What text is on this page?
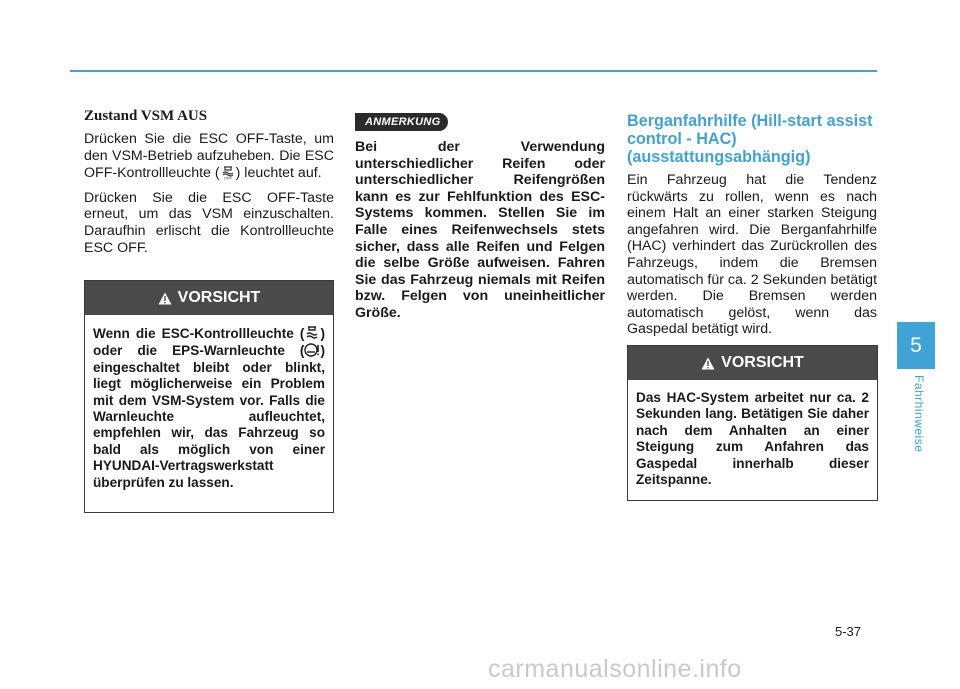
Zustand VSM AUS

Drücken Sie die ESC OFF-Taste, um den VSM-Betrieb aufzuheben. Die ESC OFF-Kontrollleuchte ( OFF ) leuchtet auf.

Drücken Sie die ESC OFF-Taste erneut, um das VSM einzuschalten. Daraufhin erlischt die Kontrollleuchte ESC OFF.

VORSICHT
Wenn die ESC-Kontrollleuchte ( ) oder die EPS-Warnleuchte ( ) eingeschaltet bleibt oder blinkt, liegt möglicherweise ein Problem mit dem VSM-System vor. Falls die Warnleuchte aufleuchtet, empfehlen wir, das Fahrzeug so bald als möglich von einer HYUNDAI-Vertragswerkstatt überprüfen zu lassen.
ANMERKUNG

Bei der Verwendung unterschiedlicher Reifen oder unterschiedlicher Reifengrößen kann es zur Fehlfunktion des ESC-Systems kommen. Stellen Sie im Falle eines Reifenwechsels stets sicher, dass alle Reifen und Felgen die selbe Größe aufweisen. Fahren Sie das Fahrzeug niemals mit Reifen bzw. Felgen von uneinheitlicher Größe.

Berganfahrhilfe (Hill-start assist control - HAC) (ausstattungsabhängig)

Ein Fahrzeug hat die Tendenz rückwärts zu rollen, wenn es nach einem Halt an einer starken Steigung angefahren wird. Die Berganfahrhilfe (HAC) verhindert das Zurückrollen des Fahrzeugs, indem die Bremsen automatisch für ca. 2 Sekunden betätigt werden. Die Bremsen werden automatisch gelöst, wenn das Gaspedal betätigt wird.

VORSICHT
Das HAC-System arbeitet nur ca. 2 Sekunden lang. Betätigen Sie daher nach dem Anhalten an einer Steigung zum Anfahren das Gaspedal innerhalb dieser Zeitspanne.
5
Fahrhinweise
5-37
carmanualsonline.info
